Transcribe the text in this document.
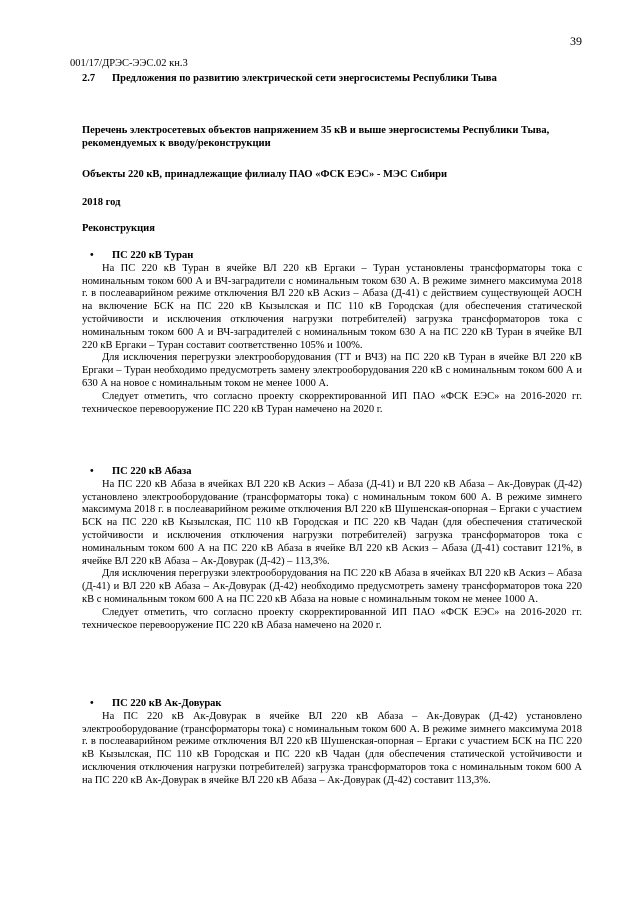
39
001/17/ДРЭС-ЭЭС.02 кн.3
2.7 Предложения по развитию электрической сети энергосистемы Республики Тыва
Перечень электросетевых объектов напряжением 35 кВ и выше энергосистемы Республики Тыва, рекомендуемых к вводу/реконструкции
Объекты 220 кВ, принадлежащие филиалу ПАО «ФСК ЕЭС» - МЭС Сибири
2018 год
Реконструкция
• ПС 220 кВ Туран

На ПС 220 кВ Туран в ячейке ВЛ 220 кВ Ергаки – Туран установлены трансформаторы тока с номинальным током 600 А и ВЧ-заградители с номинальным током 630 А. В режиме зимнего максимума 2018 г. в послеаварийном режиме отключения ВЛ 220 кВ Аскиз – Абаза (Д-41) с действием существующей АОСН на включение БСК на ПС 220 кВ Кызылская и ПС 110 кВ Городская (для обеспечения статической устойчивости и исключения отключения нагрузки потребителей) загрузка трансформаторов тока с номинальным током 600 А и ВЧ-заградителей с номинальным током 630 А на ПС 220 кВ Туран в ячейке ВЛ 220 кВ Ергаки – Туран составит соответственно 105% и 100%.

Для исключения перегрузки электрооборудования (ТТ и ВЧЗ) на ПС 220 кВ Туран в ячейке ВЛ 220 кВ Ергаки – Туран необходимо предусмотреть замену электрооборудования 220 кВ с номинальным током 600 А и 630 А на новое с номинальным током не менее 1000 А.

Следует отметить, что согласно проекту скорректированной ИП ПАО «ФСК ЕЭС» на 2016-2020 гг. техническое перевооружение ПС 220 кВ Туран намечено на 2020 г.

• ПС 220 кВ Абаза

На ПС 220 кВ Абаза в ячейках ВЛ 220 кВ Аскиз – Абаза (Д-41) и ВЛ 220 кВ Абаза – Ак-Довурак (Д-42) установлено электрооборудование (трансформаторы тока) с номинальным током 600 А. В режиме зимнего максимума 2018 г. в послеаварийном режиме отключения ВЛ 220 кВ Шушенская-опорная – Ергаки с участием БСК на ПС 220 кВ Кызылская, ПС 110 кВ Городская и ПС 220 кВ Чадан (для обеспечения статической устойчивости и исключения отключения нагрузки потребителей) загрузка трансформаторов тока с номинальным током 600 А на ПС 220 кВ Абаза в ячейке ВЛ 220 кВ Аскиз – Абаза (Д-41) составит 121%, в ячейке ВЛ 220 кВ Абаза – Ак-Довурак (Д-42) – 113,3%.

Для исключения перегрузки электрооборудования на ПС 220 кВ Абаза в ячейках ВЛ 220 кВ Аскиз – Абаза (Д-41) и ВЛ 220 кВ Абаза – Ак-Довурак (Д-42) необходимо предусмотреть замену трансформаторов тока 220 кВ с номинальным током 600 А на ПС 220 кВ Абаза на новые с номинальным током не менее 1000 А.

Следует отметить, что согласно проекту скорректированной ИП ПАО «ФСК ЕЭС» на 2016-2020 гг. техническое перевооружение ПС 220 кВ Абаза намечено на 2020 г.

• ПС 220 кВ Ак-Довурак

На ПС 220 кВ Ак-Довурак в ячейке ВЛ 220 кВ Абаза – Ак-Довурак (Д-42) установлено электрооборудование (трансформаторы тока) с номинальным током 600 А. В режиме зимнего максимума 2018 г. в послеаварийном режиме отключения ВЛ 220 кВ Шушенская-опорная – Ергаки с участием БСК на ПС 220 кВ Кызылская, ПС 110 кВ Городская и ПС 220 кВ Чадан (для обеспечения статической устойчивости и исключения отключения нагрузки потребителей) загрузка трансформаторов тока с номинальным током 600 А на ПС 220 кВ Ак-Довурак в ячейке ВЛ 220 кВ Абаза – Ак-Довурак (Д-42) составит 113,3%.
